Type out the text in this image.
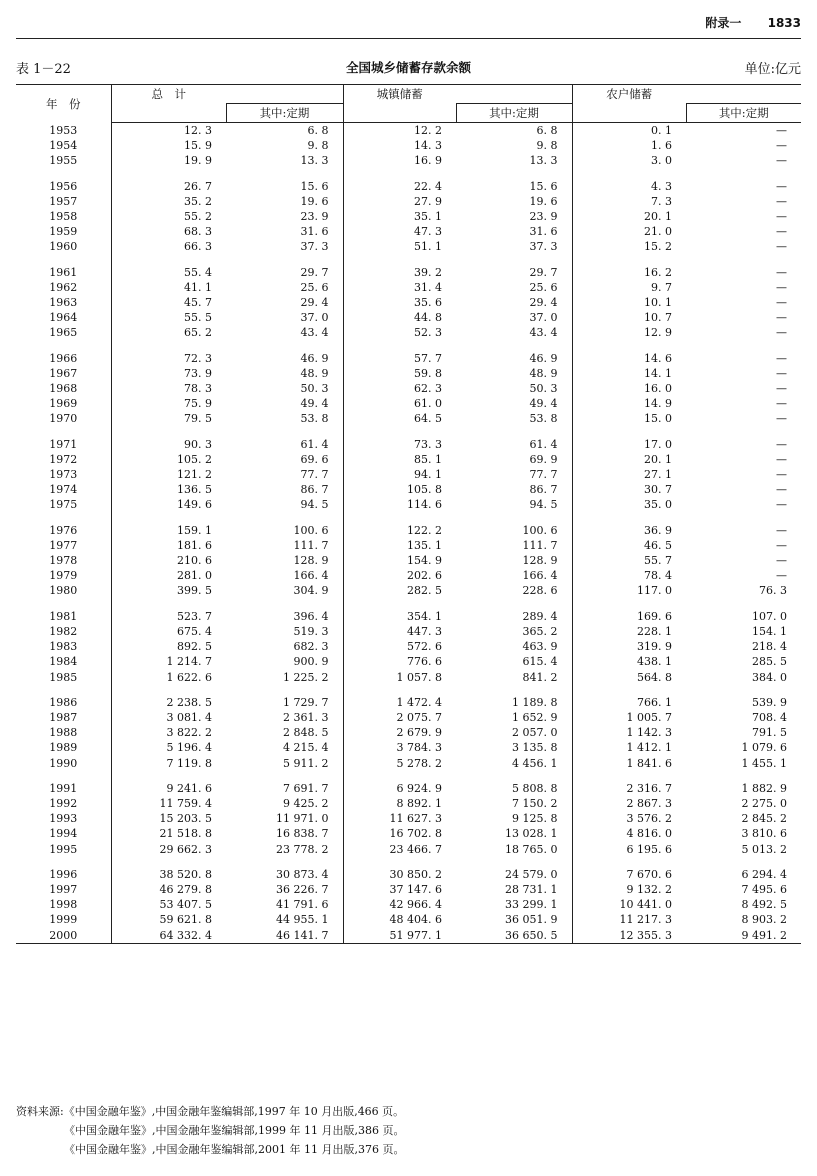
附录一 1833
表 1－22	全国城乡储蓄存款余额	单位:亿元
年　份	总　计		城镇储蓄		农户储蓄	
		其中:定期		其中:定期		其中:定期
1953	12. 3	6. 8	12. 2	6. 8	0. 1	—
1954	15. 9	9. 8	14. 3	9. 8	1. 6	—
1955	19. 9	13. 3	16. 9	13. 3	3. 0	—

1956	26. 7	15. 6	22. 4	15. 6	4. 3	—
1957	35. 2	19. 6	27. 9	19. 6	7. 3	—
1958	55. 2	23. 9	35. 1	23. 9	20. 1	—
1959	68. 3	31. 6	47. 3	31. 6	21. 0	—
1960	66. 3	37. 3	51. 1	37. 3	15. 2	—

1961	55. 4	29. 7	39. 2	29. 7	16. 2	—
1962	41. 1	25. 6	31. 4	25. 6	9. 7	—
1963	45. 7	29. 4	35. 6	29. 4	10. 1	—
1964	55. 5	37. 0	44. 8	37. 0	10. 7	—
1965	65. 2	43. 4	52. 3	43. 4	12. 9	—

1966	72. 3	46. 9	57. 7	46. 9	14. 6	—
1967	73. 9	48. 9	59. 8	48. 9	14. 1	—
1968	78. 3	50. 3	62. 3	50. 3	16. 0	—
1969	75. 9	49. 4	61. 0	49. 4	14. 9	—
1970	79. 5	53. 8	64. 5	53. 8	15. 0	—

1971	90. 3	61. 4	73. 3	61. 4	17. 0	—
1972	105. 2	69. 6	85. 1	69. 9	20. 1	—
1973	121. 2	77. 7	94. 1	77. 7	27. 1	—
1974	136. 5	86. 7	105. 8	86. 7	30. 7	—
1975	149. 6	94. 5	114. 6	94. 5	35. 0	—

1976	159. 1	100. 6	122. 2	100. 6	36. 9	—
1977	181. 6	111. 7	135. 1	111. 7	46. 5	—
1978	210. 6	128. 9	154. 9	128. 9	55. 7	—
1979	281. 0	166. 4	202. 6	166. 4	78. 4	—
1980	399. 5	304. 9	282. 5	228. 6	117. 0	76. 3

1981	523. 7	396. 4	354. 1	289. 4	169. 6	107. 0
1982	675. 4	519. 3	447. 3	365. 2	228. 1	154. 1
1983	892. 5	682. 3	572. 6	463. 9	319. 9	218. 4
1984	1 214. 7	900. 9	776. 6	615. 4	438. 1	285. 5
1985	1 622. 6	1 225. 2	1 057. 8	841. 2	564. 8	384. 0

1986	2 238. 5	1 729. 7	1 472. 4	1 189. 8	766. 1	539. 9
1987	3 081. 4	2 361. 3	2 075. 7	1 652. 9	1 005. 7	708. 4
1988	3 822. 2	2 848. 5	2 679. 9	2 057. 0	1 142. 3	791. 5
1989	5 196. 4	4 215. 4	3 784. 3	3 135. 8	1 412. 1	1 079. 6
1990	7 119. 8	5 911. 2	5 278. 2	4 456. 1	1 841. 6	1 455. 1

1991	9 241. 6	7 691. 7	6 924. 9	5 808. 8	2 316. 7	1 882. 9
1992	11 759. 4	9 425. 2	8 892. 1	7 150. 2	2 867. 3	2 275. 0
1993	15 203. 5	11 971. 0	11 627. 3	9 125. 8	3 576. 2	2 845. 2
1994	21 518. 8	16 838. 7	16 702. 8	13 028. 1	4 816. 0	3 810. 6
1995	29 662. 3	23 778. 2	23 466. 7	18 765. 0	6 195. 6	5 013. 2

1996	38 520. 8	30 873. 4	30 850. 2	24 579. 0	7 670. 6	6 294. 4
1997	46 279. 8	36 226. 7	37 147. 6	28 731. 1	9 132. 2	7 495. 6
1998	53 407. 5	41 791. 6	42 966. 4	33 299. 1	10 441. 0	8 492. 5
1999	59 621. 8	44 955. 1	48 404. 6	36 051. 9	11 217. 3	8 903. 2
2000	64 332. 4	46 141. 7	51 977. 1	36 650. 5	12 355. 3	9 491. 2
资料来源:《中国金融年鉴》,中国金融年鉴编辑部,1997 年 10 月出版,466 页。
《中国金融年鉴》,中国金融年鉴编辑部,1999 年 11 月出版,386 页。
《中国金融年鉴》,中国金融年鉴编辑部,2001 年 11 月出版,376 页。
